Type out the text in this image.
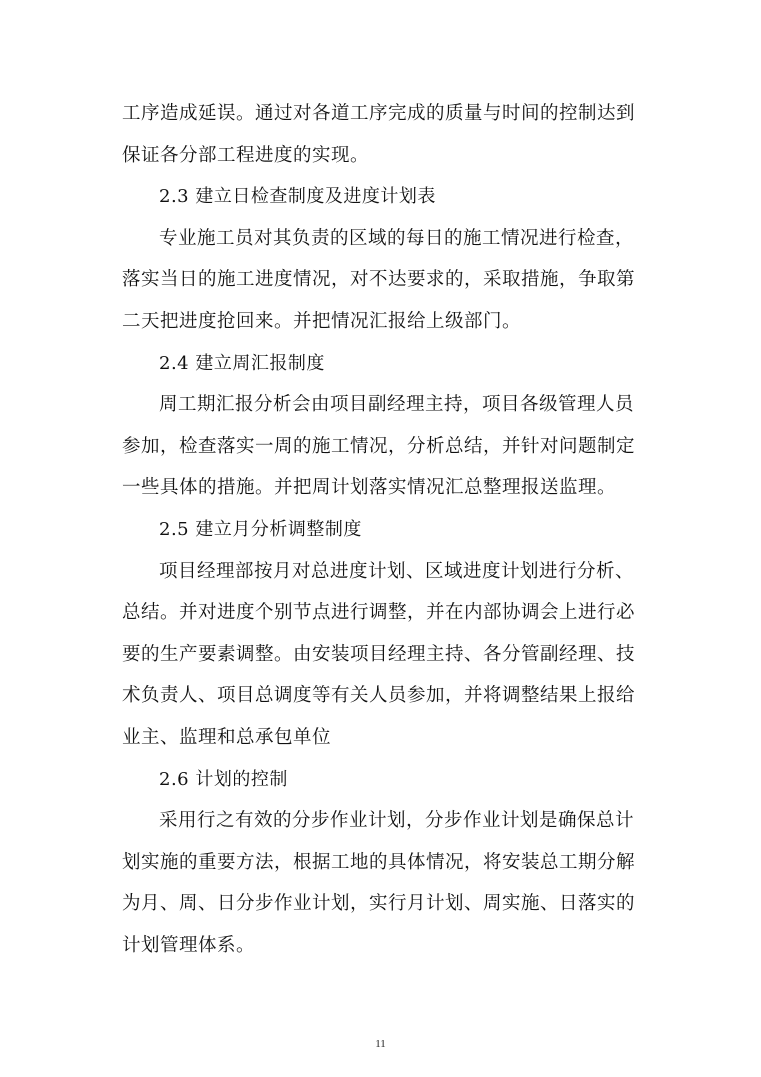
工序造成延误。通过对各道工序完成的质量与时间的控制达到
保证各分部工程进度的实现。

2.3 建立日检查制度及进度计划表

专业施工员对其负责的区域的每日的施工情况进行检查，
落实当日的施工进度情况，对不达要求的，采取措施，争取第
二天把进度抢回来。并把情况汇报给上级部门。

2.4 建立周汇报制度

周工期汇报分析会由项目副经理主持，项目各级管理人员
参加，检查落实一周的施工情况，分析总结，并针对问题制定
一些具体的措施。并把周计划落实情况汇总整理报送监理。

2.5 建立月分析调整制度

项目经理部按月对总进度计划、区域进度计划进行分析、
总结。并对进度个别节点进行调整，并在内部协调会上进行必
要的生产要素调整。由安装项目经理主持、各分管副经理、技
术负责人、项目总调度等有关人员参加，并将调整结果上报给
业主、监理和总承包单位

2.6 计划的控制

采用行之有效的分步作业计划，分步作业计划是确保总计
划实施的重要方法，根据工地的具体情况，将安装总工期分解
为月、周、日分步作业计划，实行月计划、周实施、日落实的
计划管理体系。

11
